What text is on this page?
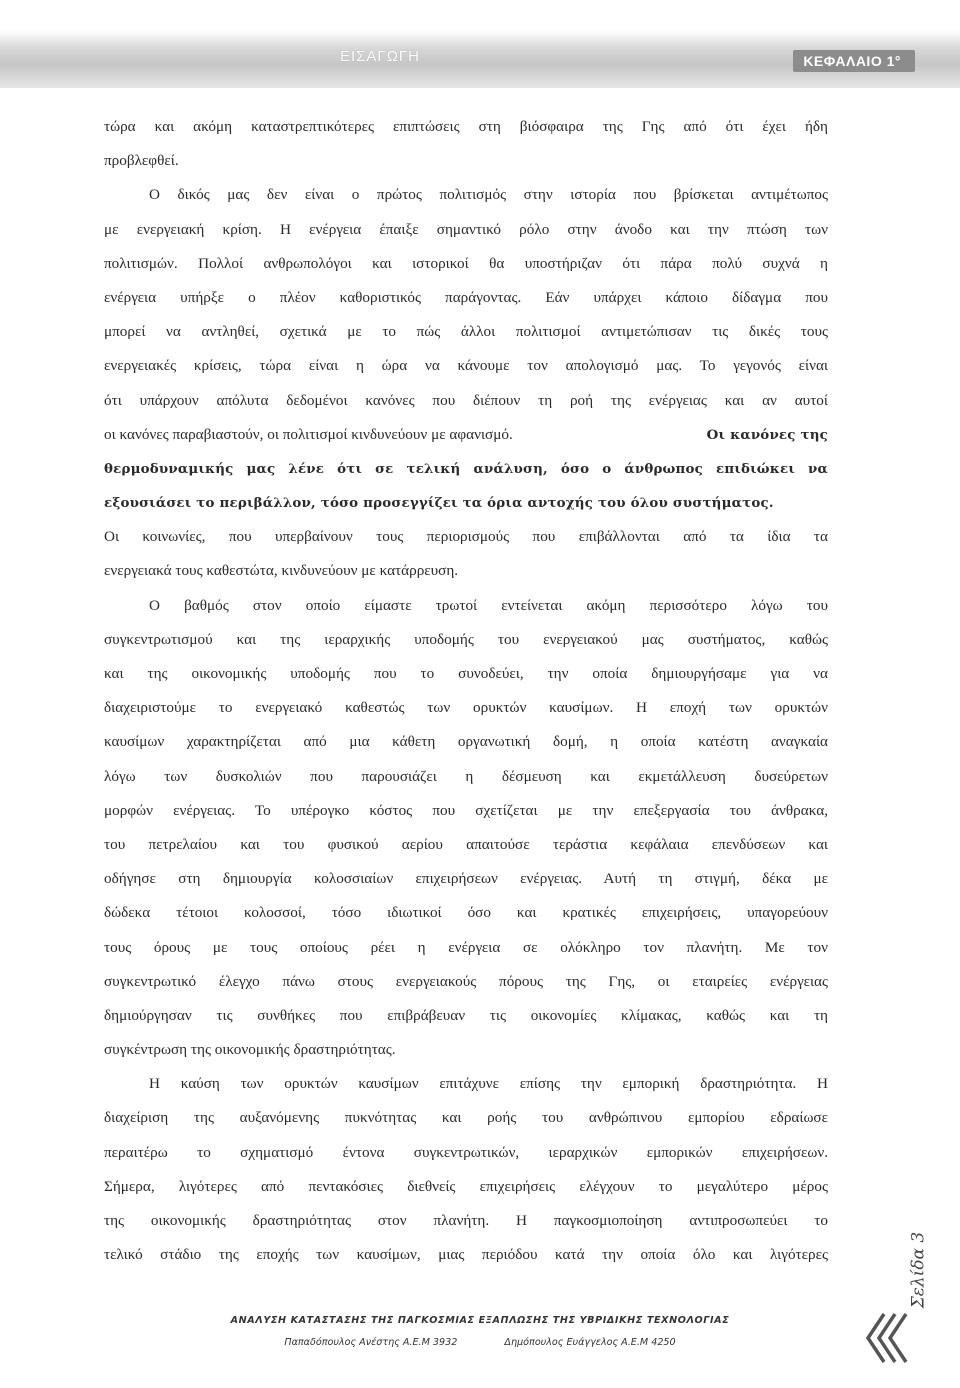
ΕΙΣΑΓΩΓΗ	ΚΕΦΑΛΑΙΟ 1°
τώρα και ακόμη καταστρεπτικότερες επιπτώσεις στη βιόσφαιρα της Γης από ότι έχει ήδη
προβλεφθεί.
Ο δικός μας δεν είναι ο πρώτος πολιτισμός στην ιστορία που βρίσκεται αντιμέτωπος
με ενεργειακή κρίση. Η ενέργεια έπαιξε σημαντικό ρόλο στην άνοδο και την πτώση των
πολιτισμών. Πολλοί ανθρωπολόγοι και ιστορικοί θα υποστήριζαν ότι πάρα πολύ συχνά η
ενέργεια υπήρξε ο πλέον καθοριστικός παράγοντας. Εάν υπάρχει κάποιο δίδαγμα που
μπορεί να αντληθεί, σχετικά με το πώς άλλοι πολιτισμοί αντιμετώπισαν τις δικές τους
ενεργειακές κρίσεις, τώρα είναι η ώρα να κάνουμε τον απολογισμό μας. Το γεγονός είναι
ότι υπάρχουν απόλυτα δεδομένοι κανόνες που διέπουν τη ροή της ενέργειας και αν αυτοί
οι κανόνες παραβιαστούν, οι πολιτισμοί κινδυνεύουν με αφανισμό.	Οι κανόνες της
θερμοδυναμικής μας λένε ότι σε τελική ανάλυση, όσο ο άνθρωπος επιδιώκει να
εξουσιάσει το περιβάλλον, τόσο προσεγγίζει τα όρια αντοχής του όλου συστήματος.
Οι κοινωνίες, που υπερβαίνουν τους περιορισμούς που επιβάλλονται από τα ίδια τα
ενεργειακά τους καθεστώτα, κινδυνεύουν με κατάρρευση.
Ο βαθμός στον οποίο είμαστε τρωτοί εντείνεται ακόμη περισσότερο λόγω του
συγκεντρωτισμού και της ιεραρχικής υποδομής του ενεργειακού μας συστήματος, καθώς
και της οικονομικής υποδομής που το συνοδεύει, την οποία δημιουργήσαμε για να
διαχειριστούμε το ενεργειακό καθεστώς των ορυκτών καυσίμων. Η εποχή των ορυκτών
καυσίμων χαρακτηρίζεται από μια κάθετη οργανωτική δομή, η οποία κατέστη αναγκαία
λόγω των δυσκολιών που παρουσιάζει η δέσμευση και εκμετάλλευση δυσεύρετων
μορφών ενέργειας. Το υπέρογκο κόστος που σχετίζεται με την επεξεργασία του άνθρακα,
του πετρελαίου και του φυσικού αερίου απαιτούσε τεράστια κεφάλαια επενδύσεων και
οδήγησε στη δημιουργία κολοσσιαίων επιχειρήσεων ενέργειας. Αυτή τη στιγμή, δέκα με
δώδεκα τέτοιοι κολοσσοί, τόσο ιδιωτικοί όσο και κρατικές επιχειρήσεις, υπαγορεύουν
τους όρους με τους οποίους ρέει η ενέργεια σε ολόκληρο τον πλανήτη. Με τον
συγκεντρωτικό έλεγχο πάνω στους ενεργειακούς πόρους της Γης, οι εταιρείες ενέργειας
δημιούργησαν τις συνθήκες που επιβράβευαν τις οικονομίες κλίμακας, καθώς και τη
συγκέντρωση της οικονομικής δραστηριότητας.
Η καύση των ορυκτών καυσίμων επιτάχυνε επίσης την εμπορική δραστηριότητα. Η
διαχείριση της αυξανόμενης πυκνότητας και ροής του ανθρώπινου εμπορίου εδραίωσε
περαιτέρω το σχηματισμό έντονα συγκεντρωτικών, ιεραρχικών εμπορικών επιχειρήσεων.
Σήμερα, λιγότερες από πεντακόσιες διεθνείς επιχειρήσεις ελέγχουν το μεγαλύτερο μέρος
της οικονομικής δραστηριότητας στον πλανήτη. Η παγκοσμιοποίηση αντιπροσωπεύει το
τελικό στάδιο της εποχής των καυσίμων, μιας περιόδου κατά την οποία όλο και λιγότερες
ΑΝΑΛΥΣΗ ΚΑΤΑΣΤΑΣΗΣ ΤΗΣ ΠΑΓΚΟΣΜΙΑΣ ΕΞΑΠΛΩΣΗΣ ΤΗΣ ΥΒΡΙΔΙΚΗΣ ΤΕΧΝΟΛΟΓΙΑΣ
Παπαδόπουλος Ανέστης Α.Ε.Μ 3932	Δημόπουλος Ευάγγελος Α.Ε.Μ 4250
Σελίδα 3
